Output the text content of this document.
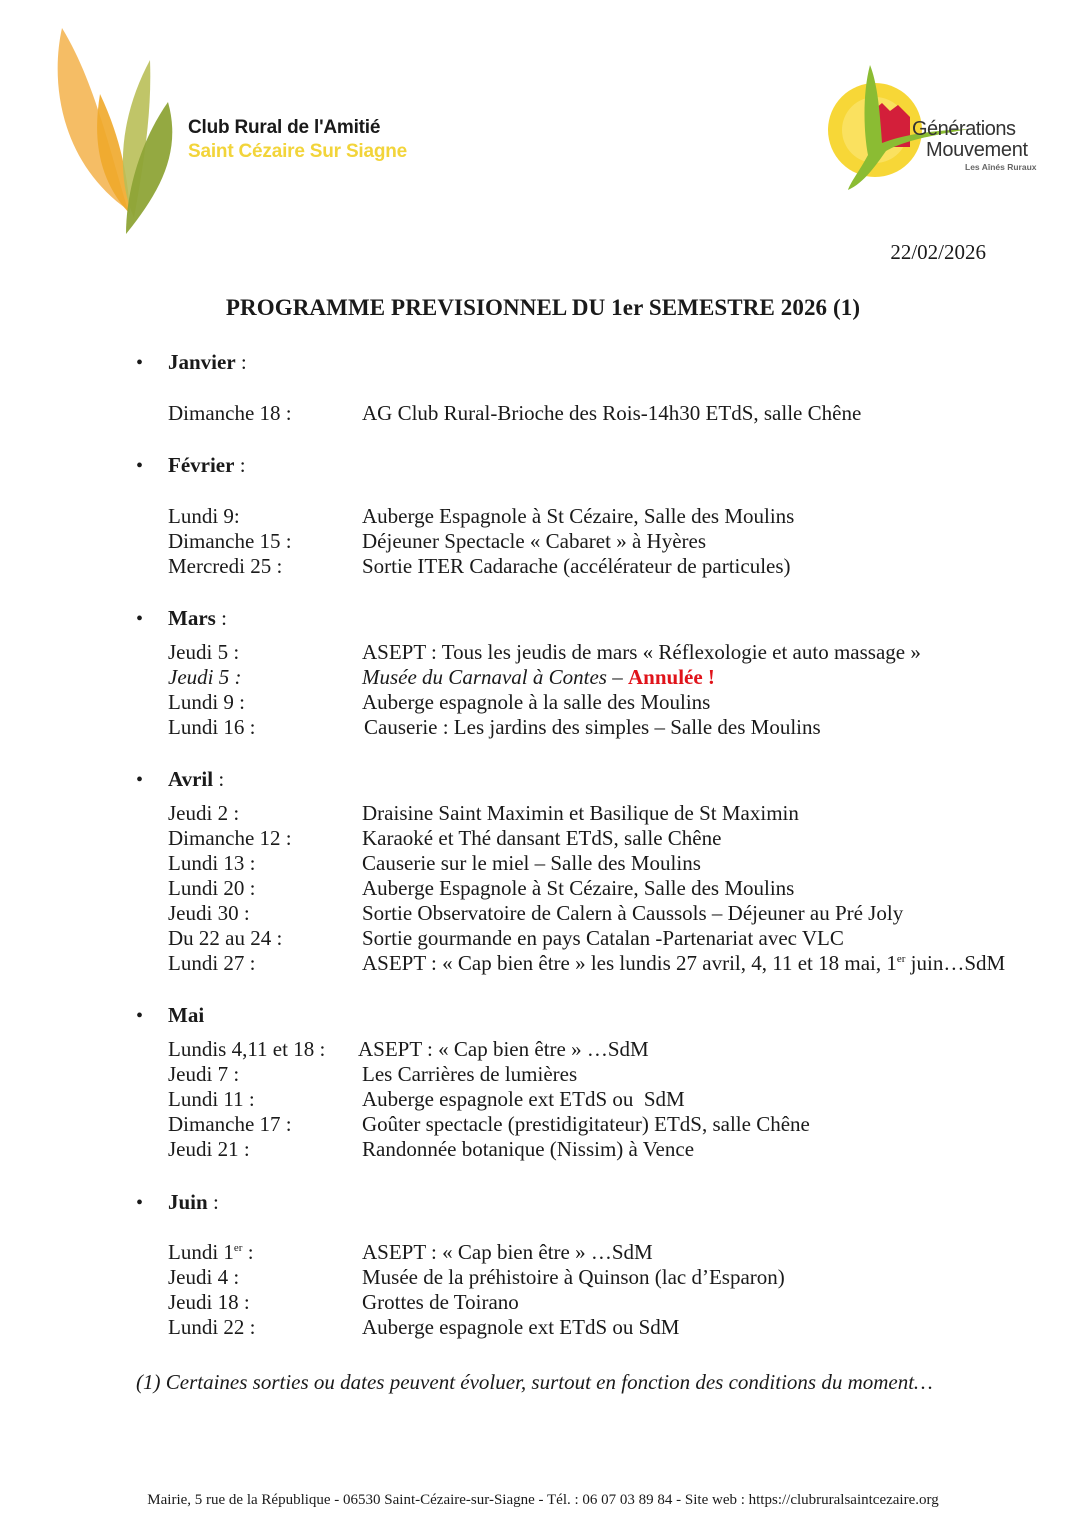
Club Rural de l'Amitié
Saint Cézaire Sur Siagne
Générations
Mouvement
Les Aînés Ruraux
22/02/2026
PROGRAMME PREVISIONNEL DU 1er SEMESTRE 2026 (1)
• Janvier :
Dimanche 18 :	AG Club Rural-Brioche des Rois-14h30 ETdS, salle Chêne
• Février :
Lundi 9:	Auberge Espagnole à St Cézaire, Salle des Moulins
Dimanche 15 :	Déjeuner Spectacle « Cabaret » à Hyères
Mercredi 25 :	Sortie ITER Cadarache (accélérateur de particules)
• Mars :
Jeudi 5 :	ASEPT : Tous les jeudis de mars « Réflexologie et auto massage »
Jeudi 5 :	Musée du Carnaval à Contes – Annulée !
Lundi 9 :	Auberge espagnole à la salle des Moulins
Lundi 16 :	Causerie : Les jardins des simples – Salle des Moulins
• Avril :
Jeudi 2 :	Draisine Saint Maximin et Basilique de St Maximin
Dimanche 12 :	Karaoké et Thé dansant ETdS, salle Chêne
Lundi 13 :	Causerie sur le miel – Salle des Moulins
Lundi 20 :	Auberge Espagnole à St Cézaire, Salle des Moulins
Jeudi 30 :	Sortie Observatoire de Calern à Caussols – Déjeuner au Pré Joly
Du 22 au 24 :	Sortie gourmande en pays Catalan -Partenariat avec VLC
Lundi 27 :	ASEPT : « Cap bien être » les lundis 27 avril, 4, 11 et 18 mai, 1er juin…SdM
• Mai
Lundis 4,11 et 18 : ASEPT : « Cap bien être » …SdM
Jeudi 7 :	Les Carrières de lumières
Lundi 11 :	Auberge espagnole ext ETdS ou  SdM
Dimanche 17 :	Goûter spectacle (prestidigitateur) ETdS, salle Chêne
Jeudi 21 :	Randonnée botanique (Nissim) à Vence
• Juin :
Lundi 1er :	ASEPT : « Cap bien être » …SdM
Jeudi 4 :	Musée de la préhistoire à Quinson (lac d’Esparon)
Jeudi 18 :	Grottes de Toirano
Lundi 22 :	Auberge espagnole ext ETdS ou SdM
(1) Certaines sorties ou dates peuvent évoluer, surtout en fonction des conditions du moment…
Mairie, 5 rue de la République - 06530 Saint-Cézaire-sur-Siagne - Tél. : 06 07 03 89 84 - Site web : https://clubruralsaintcezaire.org
